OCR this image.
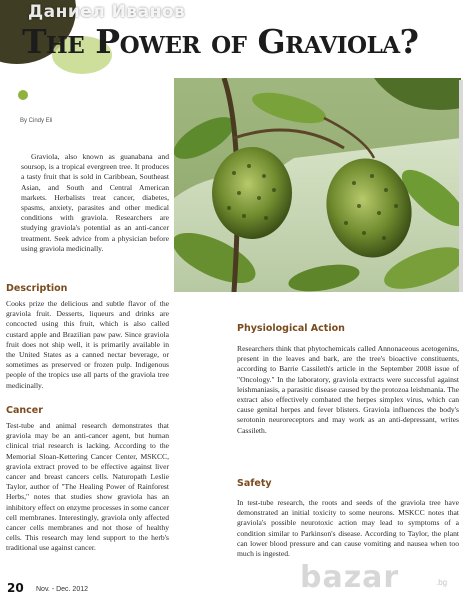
Даниел Иванов
The Power of Graviola?
By Cindy Eli
Graviola, also known as guanabana and soursop, is a tropical evergreen tree. It produces a tasty fruit that is sold in Caribbean, Southeast Asian, and South and Central American markets. Herbalists treat cancer, diabetes, spasms, anxiety, parasites and other medical conditions with graviola. Researchers are studying graviola's potential as an anti-cancer treatment. Seek advice from a physician before using graviola medicinally.
Description
Cooks prize the delicious and subtle flavor of the graviola fruit. Desserts, liqueurs and drinks are concocted using this fruit, which is also called custard apple and Brazilian paw paw. Since graviola fruit does not ship well, it is primarily available in the United States as a canned nectar beverage, or sometimes as preserved or frozen pulp. Indigenous people of the tropics use all parts of the graviola tree medicinally.
Cancer
Test-tube and animal research demonstrates that graviola may be an anti-cancer agent, but human clinical trial research is lacking. According to the Memorial Sloan-Kettering Cancer Center, MSKCC, graviola extract proved to be effective against liver cancer and breast cancers cells. Naturopath Leslie Taylor, author of "The Healing Power of Rainforest Herbs," notes that studies show graviola has an inhibitory effect on enzyme processes in some cancer cell membranes. Interestingly, graviola only affected cancer cells membranes and not those of healthy cells. This research may lend support to the herb's traditional use against cancer.
Physiological Action
Researchers think that phytochemicals called Annonaceous acetogenins, present in the leaves and bark, are the tree's bioactive constituents, according to Barrie Cassileth's article in the September 2008 issue of "Oncology." In the laboratory, graviola extracts were successful against leishmaniasis, a parasitic disease caused by the protozoa leishmania. The extract also effectively combated the herpes simplex virus, which can cause genital herpes and fever blisters. Graviola influences the body's serotonin neuroreceptors and may work as an anti-depressant, writes Cassileth.
Safety
In test-tube research, the roots and seeds of the graviola tree have demonstrated an initial toxicity to some neurons. MSKCC notes that graviola's possible neurotoxic action may lead to symptoms of a condition similar to Parkinson's disease. According to Taylor, the plant can lower blood pressure and can cause vomiting and nausea when too much is ingested.
20 Nov. - Dec. 2012	bazar	.bg
